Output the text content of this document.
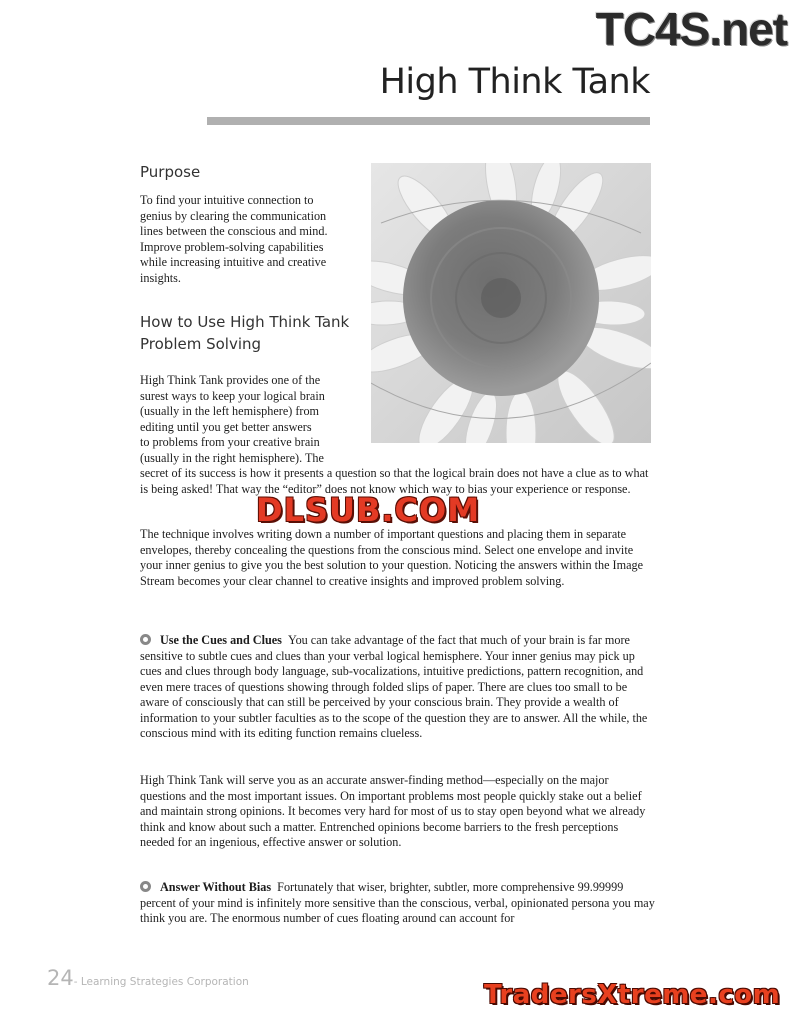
TC4S.net
High Think Tank
Purpose

To find your intuitive connection to genius by clearing the communication lines between the conscious and mind. Improve problem-solving capabilities while increasing intuitive and creative insights.

How to Use High Think Tank
Problem Solving
High Think Tank provides one of the
surest ways to keep your logical brain
(usually in the left hemisphere) from
editing until you get better answers
to problems from your creative brain
(usually in the right hemisphere). The

secret of its success is how it presents a question so that the logical brain does not have a clue as to what is being asked! That way the “editor” does not know which way to bias your experience or response.

The technique involves writing down a number of important questions and placing them in separate envelopes, thereby concealing the questions from the conscious mind. Select one envelope and invite your inner genius to give you the best solution to your question. Noticing the answers within the Image Stream becomes your clear channel to creative insights and improved problem solving.

DLSUB.COM

Use the Cues and Clues You can take advantage of the fact that much of your brain is far more sensitive to subtle cues and clues than your verbal logical hemisphere. Your inner genius may pick up cues and clues through body language, sub-vocalizations, intuitive predictions, pattern recognition, and even mere traces of questions showing through folded slips of paper. There are clues too small to be aware of consciously that can still be perceived by your conscious brain. They provide a wealth of information to your subtler faculties as to the scope of the question they are to answer. All the while, the conscious mind with its editing function remains clueless.

High Think Tank will serve you as an accurate answer-finding method—especially on the major questions and the most important issues. On important problems most people quickly stake out a belief and maintain strong opinions. It becomes very hard for most of us to stay open beyond what we already think and know about such a matter. Entrenched opinions become barriers to the fresh perceptions needed for an ingenious, effective answer or solution.

Answer Without Bias Fortunately that wiser, brighter, subtler, more comprehensive 99.99999 percent of your mind is infinitely more sensitive than the conscious, verbal, opinionated persona you may think you are. The enormous number of cues floating around can account for

24- Learning Strategies Corporation	TradersXtreme.com
